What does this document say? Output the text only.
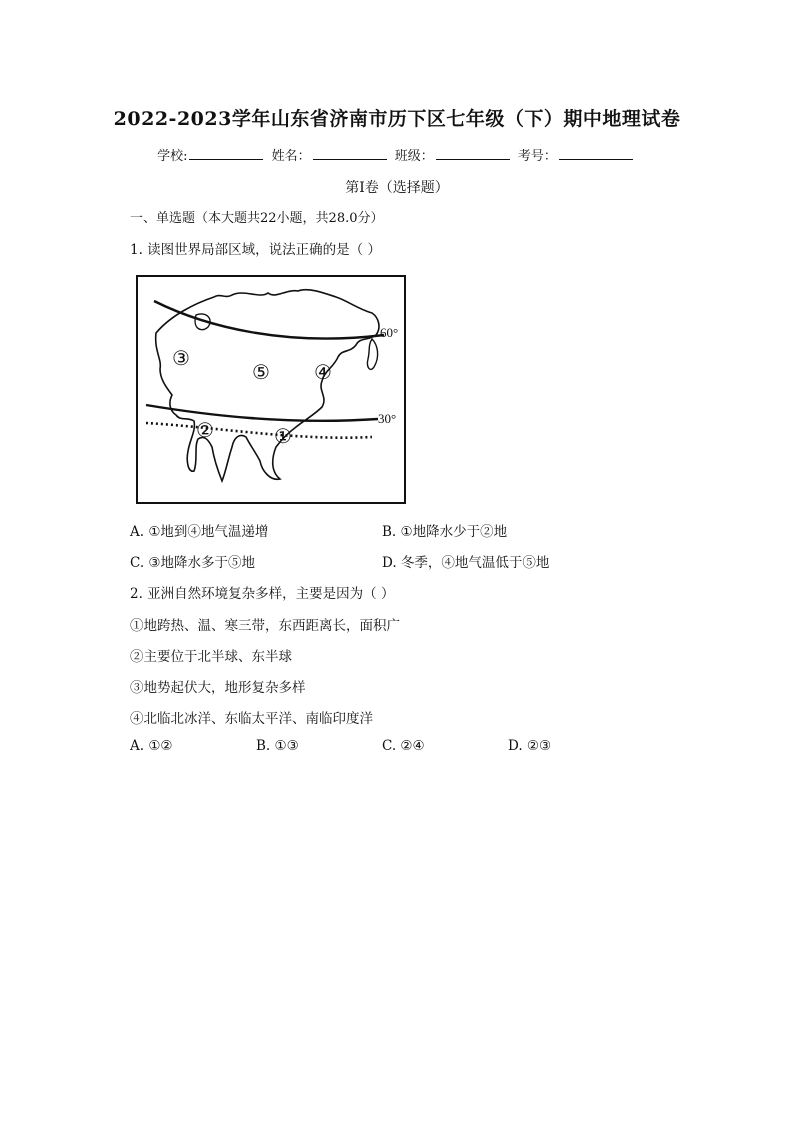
2022-2023学年山东省济南市历下区七年级（下）期中地理试卷
学校:	姓名：	班级：	考号：
第Ⅰ卷（选择题）
一、单选题（本大题共22小题，共28.0分）
1. 读图世界局部区域，说法正确的是（ ）
60°
30°
③
⑤ ④
②	①
A. ①地到④地气温递增	B. ①地降水少于②地
C. ③地降水多于⑤地	D. 冬季，④地气温低于⑤地
2. 亚洲自然环境复杂多样，主要是因为（ ）
①地跨热、温、寒三带，东西距离长，面积广
②主要位于北半球、东半球
③地势起伏大，地形复杂多样
④北临北冰洋、东临太平洋、南临印度洋
A. ①②	B. ①③	C. ②④	D. ②③
